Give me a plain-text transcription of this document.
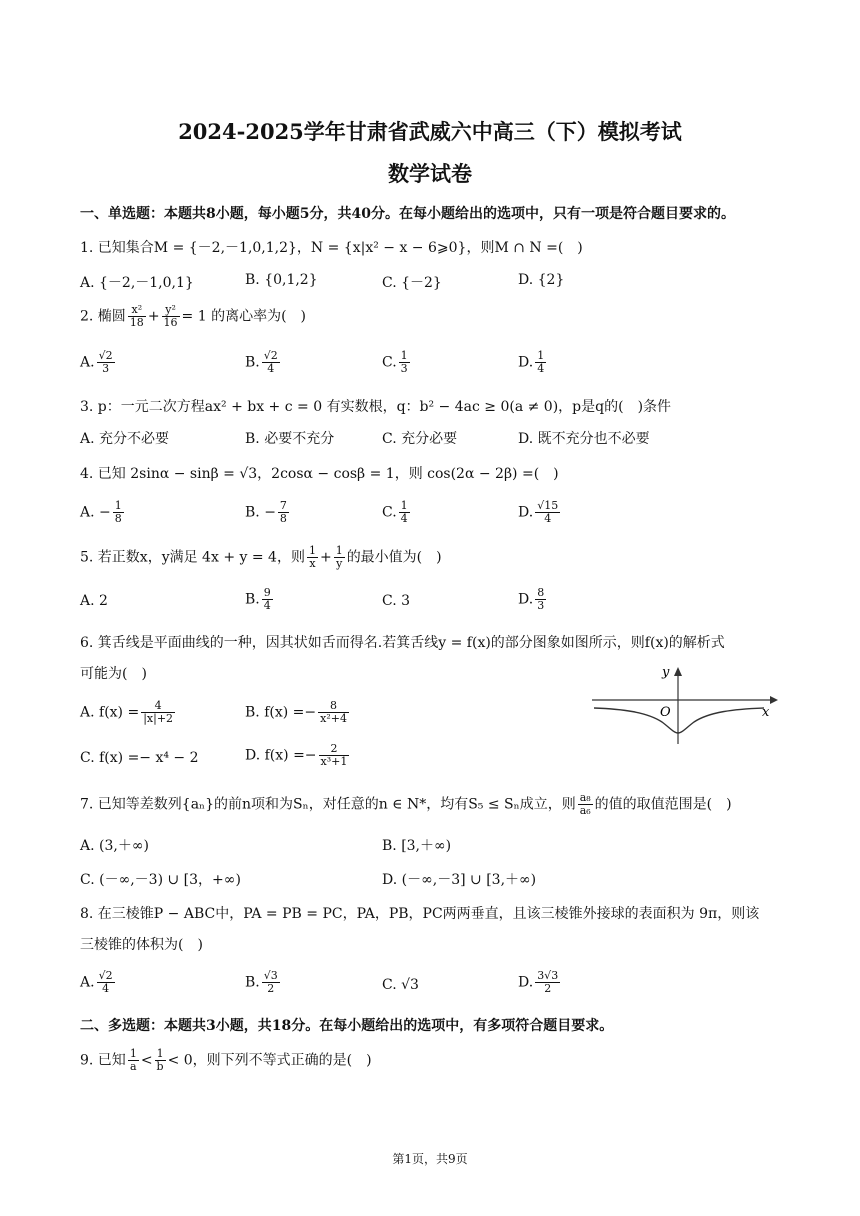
2024-2025学年甘肃省武威六中高三（下）模拟考试
数学试卷
一、单选题：本题共8小题，每小题5分，共40分。在每小题给出的选项中，只有一项是符合题目要求的。
1. 已知集合M = {－2,－1,0,1,2}，N = {x|x² − x − 6⩾0}，则M ∩ N =(　)
A. {－2,－1,0,1}	B. {0,1,2}	C. {－2}	D. {2}
2. 椭圆 $\frac{\text{x²}}{18} + \frac{\text{y²}}{16} = 1$ 的离心率为(　)
A. $\frac{√2}{3}$	B. $\frac{√2}{4}$	C. $\frac{1}{3}$	D. $\frac{1}{4}$
3. p：一元二次方程ax² + bx + c = 0 有实数根，q：b² − 4ac ≥ 0(a ≠ 0)，p是q的(　)条件
A. 充分不必要	B. 必要不充分	C. 充分必要	D. 既不充分也不必要
4. 已知 2sinα − sinβ = √3，2cosα − cosβ = 1，则 cos(2α − 2β) =(　)
A. − $\frac{1}{8}$	B. − $\frac{7}{8}$	C. $\frac{1}{4}$	D. $\frac{√15}{4}$
5. 若正数x，y满足 4x + y = 4，则 $\frac{1}{x} + \frac{1}{y}$ 的最小值为(　)
A. 2	B. $\frac{9}{4}$	C. 3	D. $\frac{8}{3}$
6. 箕舌线是平面曲线的一种，因其状如舌而得名.若箕舌线y = f(x)的部分图象如图所示，则f(x)的解析式
可能为(　)
A. $f(x) = \frac{4}{|x|+2}$	B. $f(x) =- \frac{8}{\text{x²+4}}$
C. f(x) =− x⁴ − 2	D. $f(x) =- \frac{2}{\text{x³+1}}$
y
x
O
7. 已知等差数列{aₙ}的前n项和为Sₙ，对任意的n ∈ N*，均有S₅ ≤ Sₙ成立，则 $\frac{\text{a₈}}{\text{a₆}}$ 的值的取值范围是(　)
A. (3,＋∞)	B. [3,＋∞)
C. (－∞,－3) ∪ [3，+∞)	D. (－∞,－3] ∪ [3,＋∞)
8. 在三棱锥P − ABC中，PA = PB = PC，PA，PB，PC两两垂直，且该三棱锥外接球的表面积为 9π，则该
三棱锥的体积为(　)
A. $\frac{√2}{4}$	B. $\frac{√3}{2}$	C. √3	D. $\frac{3√3}{2}$
二、多选题：本题共3小题，共18分。在每小题给出的选项中，有多项符合题目要求。
9. 已知 $\frac{1}{a} < \frac{1}{b} < 0$，则下列不等式正确的是(　)
第1页，共9页
